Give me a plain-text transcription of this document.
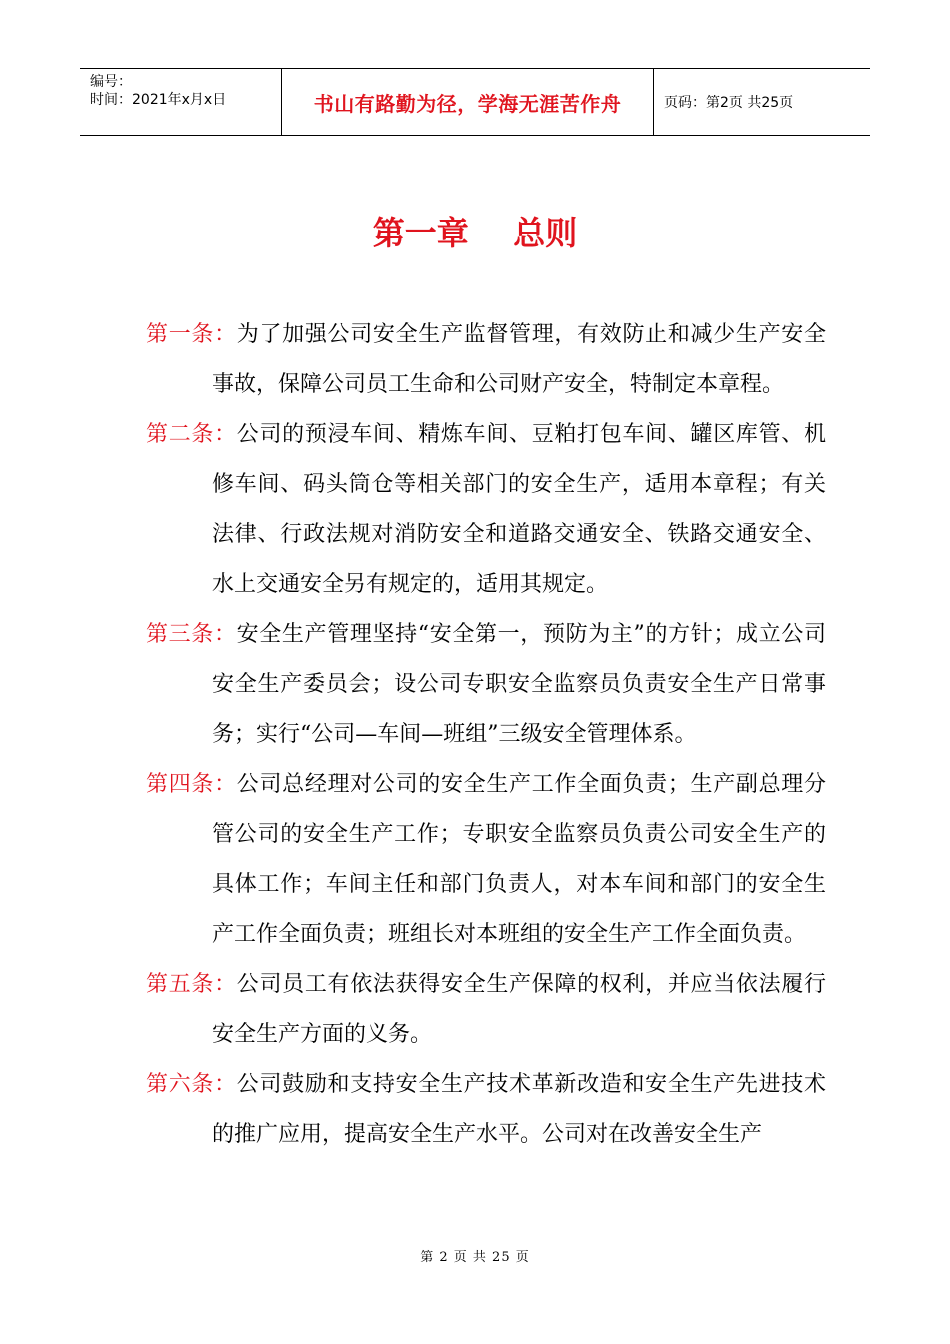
编号：
时间：2021年x月x日	书山有路勤为径，学海无涯苦作舟	页码：第2页 共25页
第一章    总则

第一条：为了加强公司安全生产监督管理，有效防止和减少生产安全事故，保障公司员工生命和公司财产安全，特制定本章程。

第二条：公司的预浸车间、精炼车间、豆粕打包车间、罐区库管、机修车间、码头筒仓等相关部门的安全生产，适用本章程；有关法律、行政法规对消防安全和道路交通安全、铁路交通安全、水上交通安全另有规定的，适用其规定。

第三条：安全生产管理坚持“安全第一，预防为主”的方针；成立公司安全生产委员会；设公司专职安全监察员负责安全生产日常事务；实行“公司—车间—班组”三级安全管理体系。

第四条：公司总经理对公司的安全生产工作全面负责；生产副总理分管公司的安全生产工作；专职安全监察员负责公司安全生产的具体工作；车间主任和部门负责人，对本车间和部门的安全生产工作全面负责；班组长对本班组的安全生产工作全面负责。

第五条：公司员工有依法获得安全生产保障的权利，并应当依法履行安全生产方面的义务。

第六条：公司鼓励和支持安全生产技术革新改造和安全生产先进技术的推广应用，提高安全生产水平。公司对在改善安全生产

第 2 页 共 25 页
